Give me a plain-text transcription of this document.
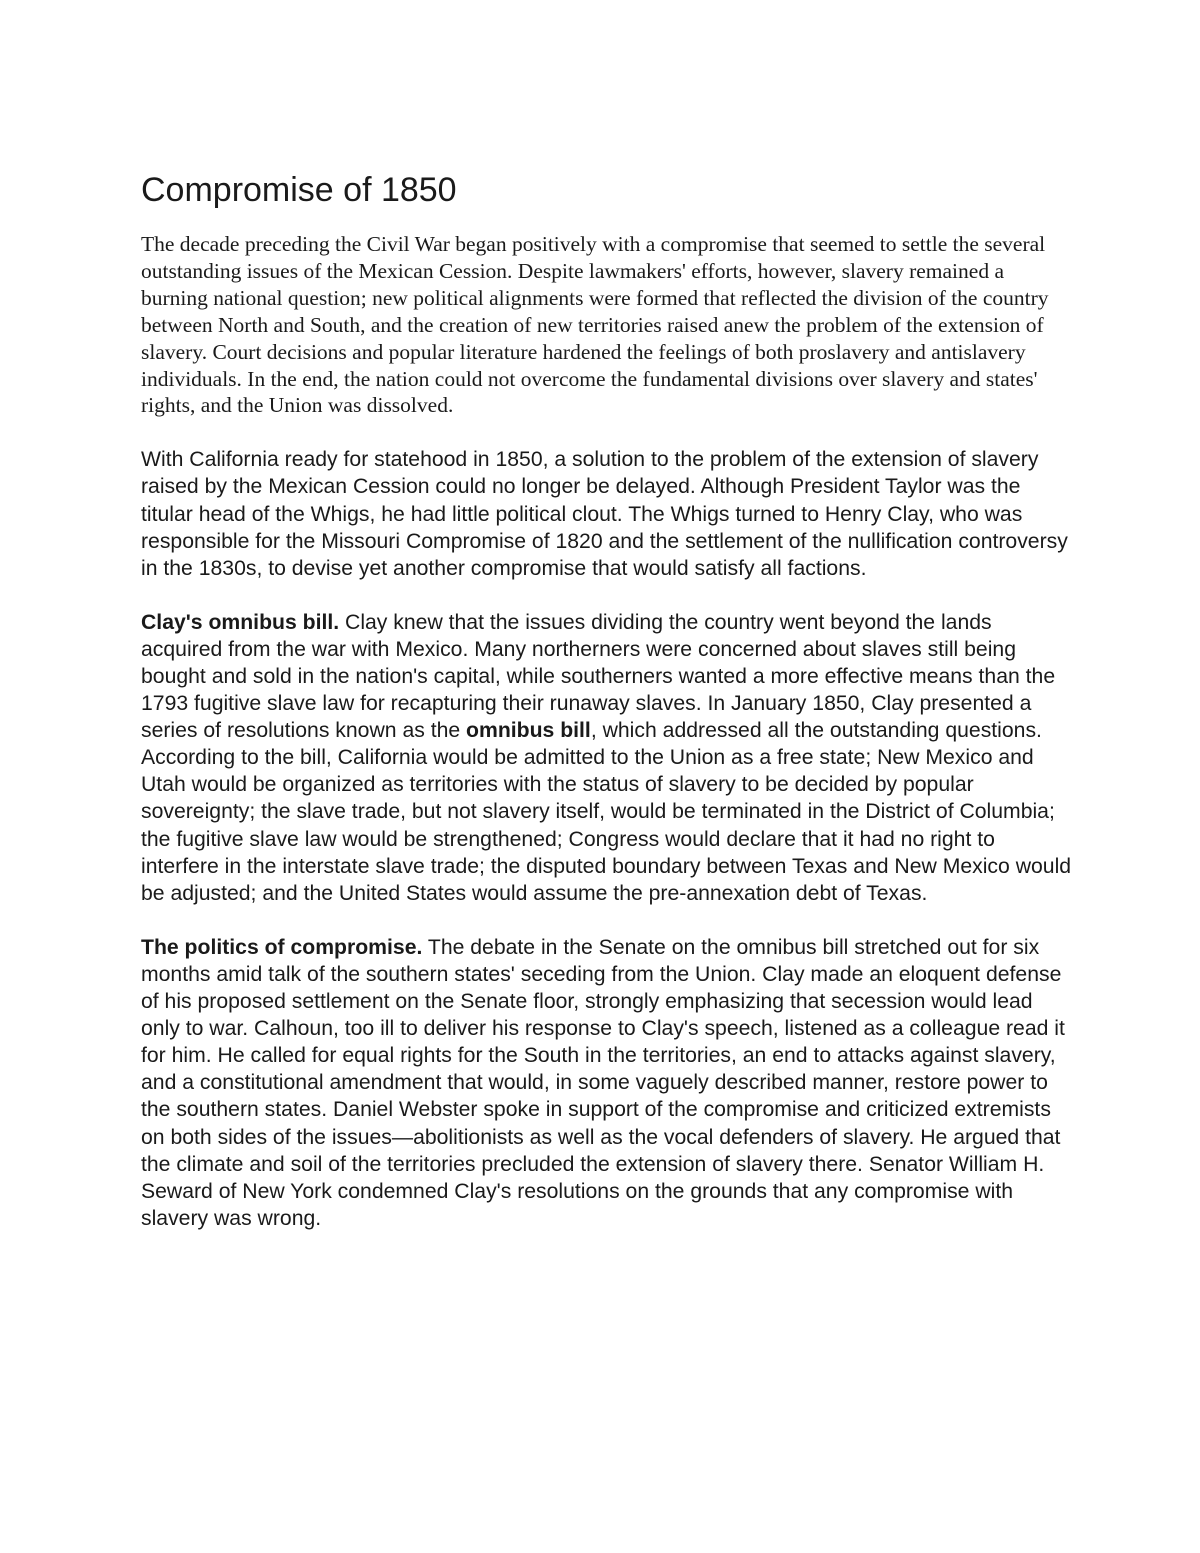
Compromise of 1850

The decade preceding the Civil War began positively with a compromise that seemed to settle the several outstanding issues of the Mexican Cession. Despite lawmakers' efforts, however, slavery remained a burning national question; new political alignments were formed that reflected the division of the country between North and South, and the creation of new territories raised anew the problem of the extension of slavery. Court decisions and popular literature hardened the feelings of both proslavery and antislavery individuals. In the end, the nation could not overcome the fundamental divisions over slavery and states' rights, and the Union was dissolved.

With California ready for statehood in 1850, a solution to the problem of the extension of slavery raised by the Mexican Cession could no longer be delayed. Although President Taylor was the titular head of the Whigs, he had little political clout. The Whigs turned to Henry Clay, who was responsible for the Missouri Compromise of 1820 and the settlement of the nullification controversy in the 1830s, to devise yet another compromise that would satisfy all factions.

Clay's omnibus bill. Clay knew that the issues dividing the country went beyond the lands acquired from the war with Mexico. Many northerners were concerned about slaves still being bought and sold in the nation's capital, while southerners wanted a more effective means than the 1793 fugitive slave law for recapturing their runaway slaves. In January 1850, Clay presented a series of resolutions known as the omnibus bill, which addressed all the outstanding questions. According to the bill, California would be admitted to the Union as a free state; New Mexico and Utah would be organized as territories with the status of slavery to be decided by popular sovereignty; the slave trade, but not slavery itself, would be terminated in the District of Columbia; the fugitive slave law would be strengthened; Congress would declare that it had no right to interfere in the interstate slave trade; the disputed boundary between Texas and New Mexico would be adjusted; and the United States would assume the pre-annexation debt of Texas.

The politics of compromise. The debate in the Senate on the omnibus bill stretched out for six months amid talk of the southern states' seceding from the Union. Clay made an eloquent defense of his proposed settlement on the Senate floor, strongly emphasizing that secession would lead only to war. Calhoun, too ill to deliver his response to Clay's speech, listened as a colleague read it for him. He called for equal rights for the South in the territories, an end to attacks against slavery, and a constitutional amendment that would, in some vaguely described manner, restore power to the southern states. Daniel Webster spoke in support of the compromise and criticized extremists on both sides of the issues—abolitionists as well as the vocal defenders of slavery. He argued that the climate and soil of the territories precluded the extension of slavery there. Senator William H. Seward of New York condemned Clay's resolutions on the grounds that any compromise with slavery was wrong.
